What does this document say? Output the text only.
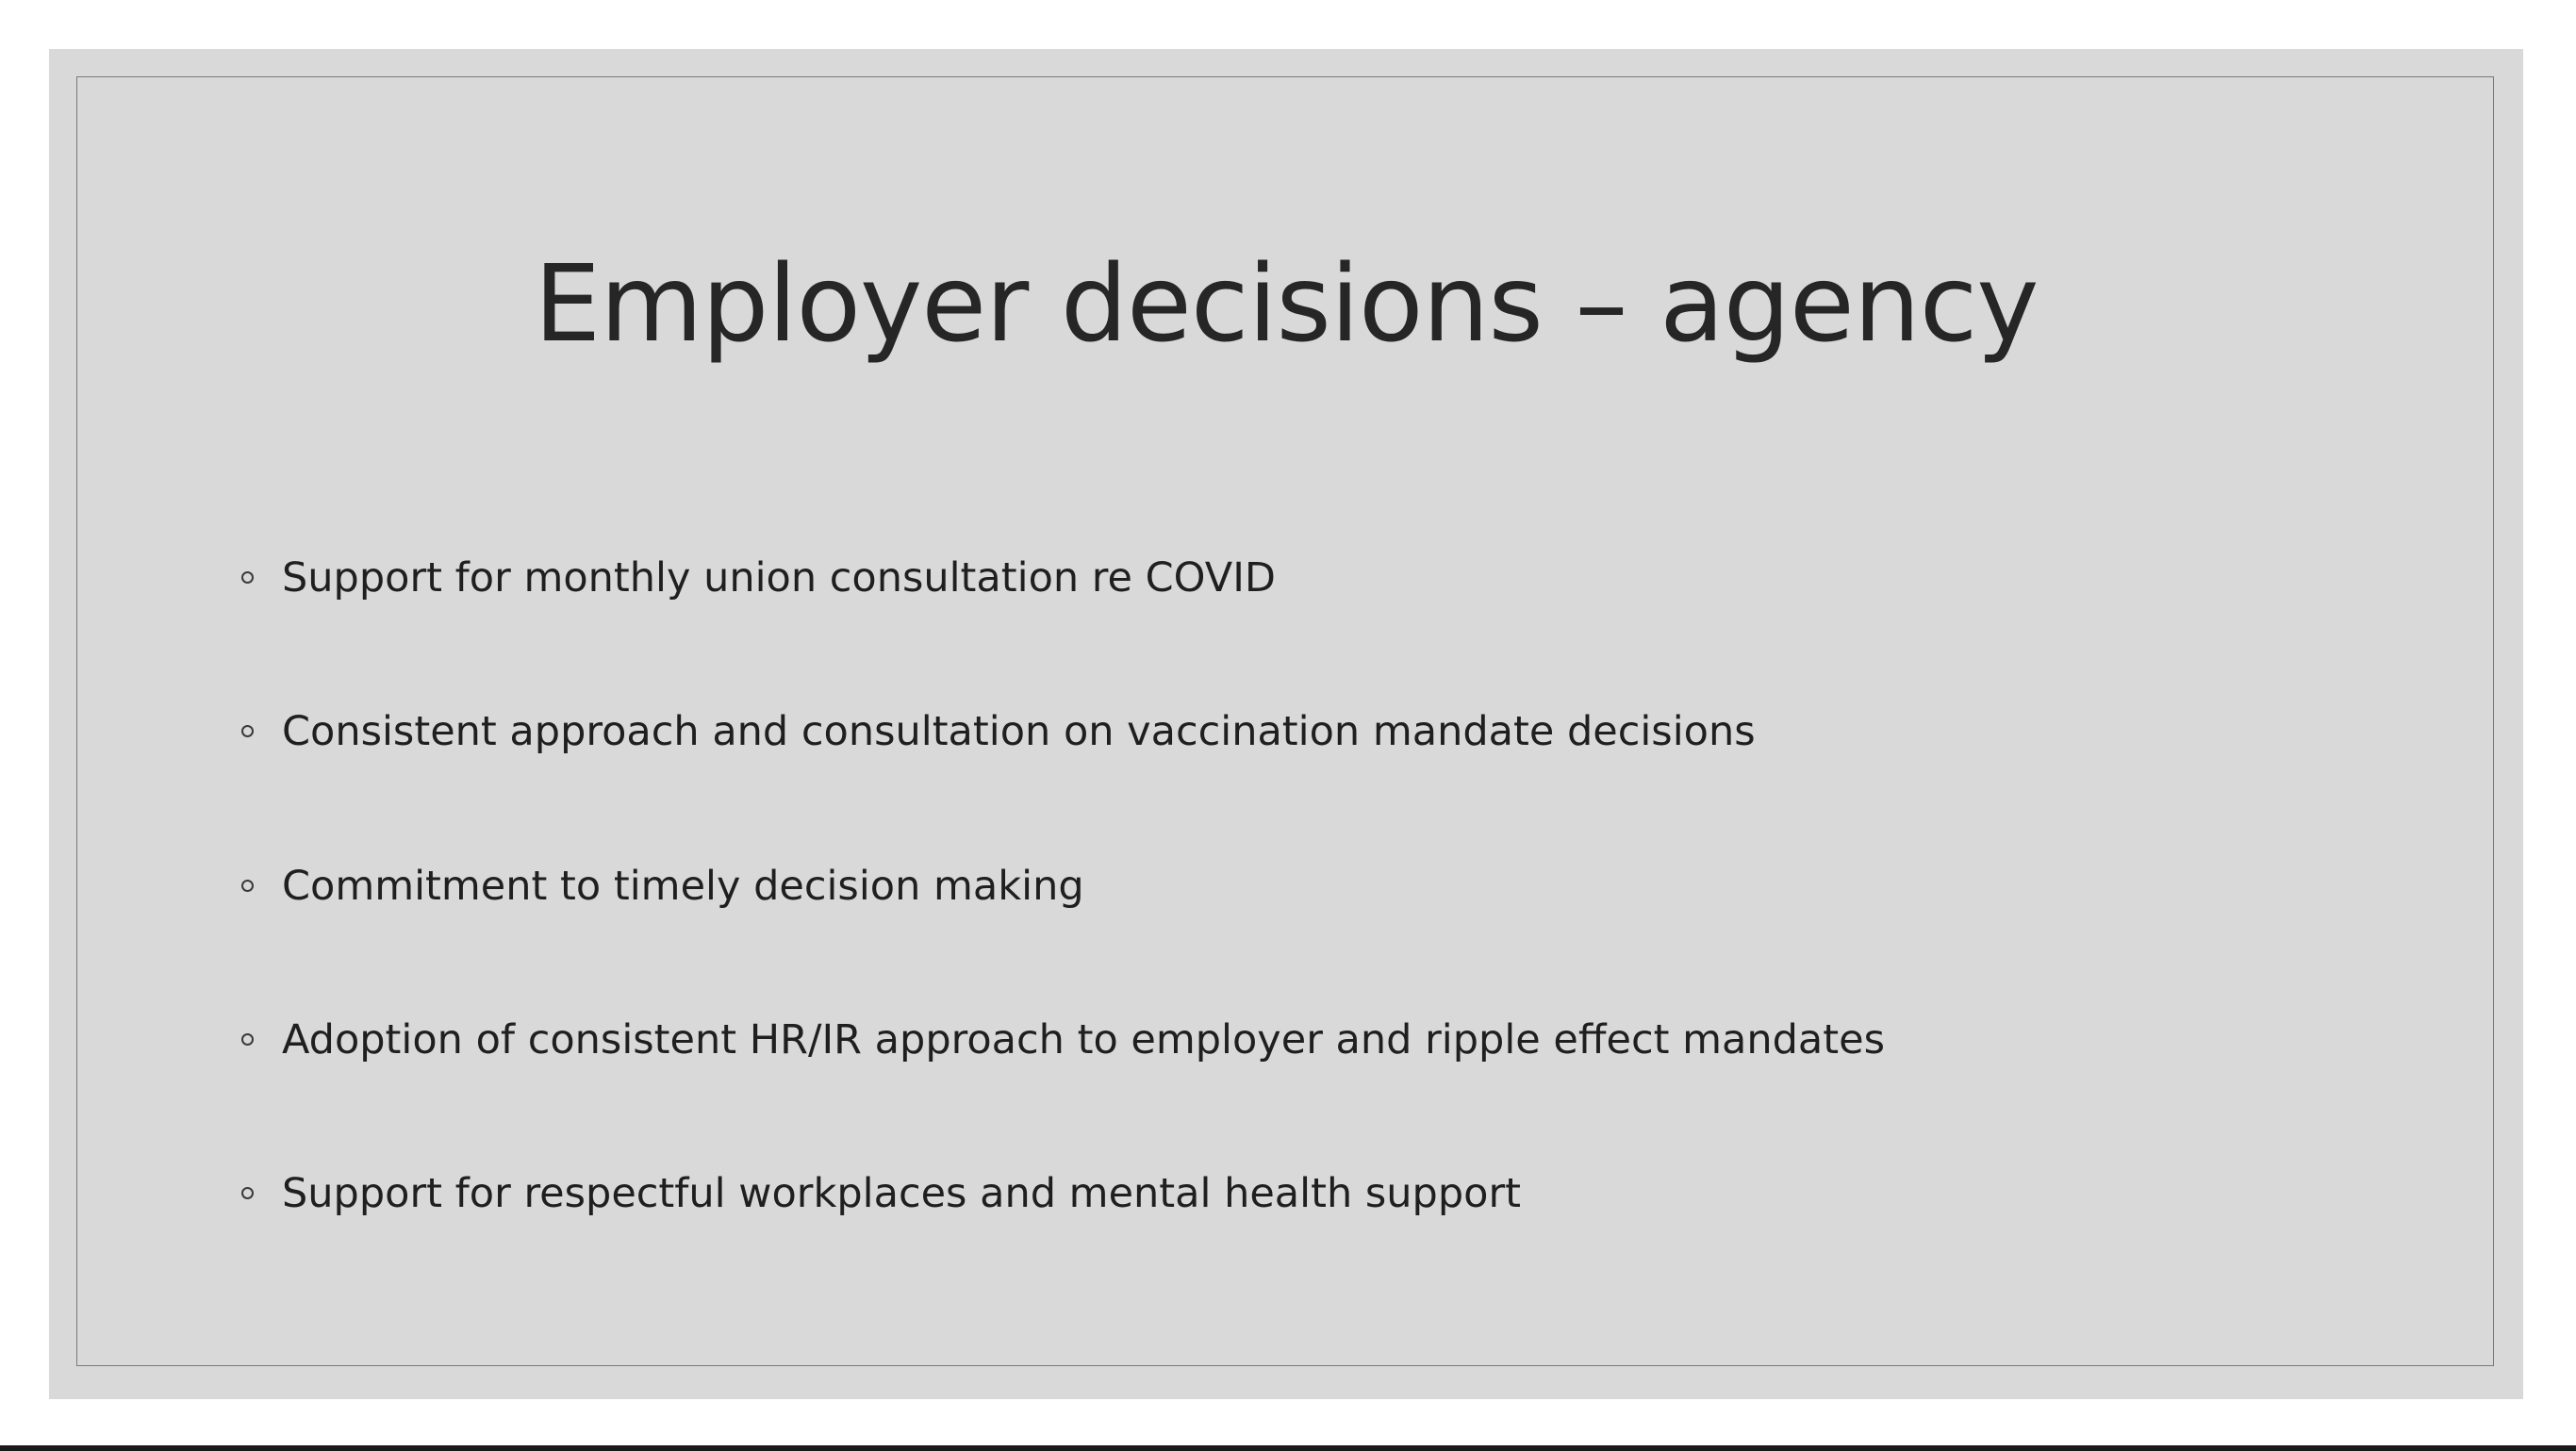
Employer decisions – agency
Support for monthly union consultation re COVID
Consistent approach and consultation on vaccination mandate decisions
Commitment to timely decision making
Adoption of consistent HR/IR approach to employer and ripple effect mandates
Support for respectful workplaces and mental health support
